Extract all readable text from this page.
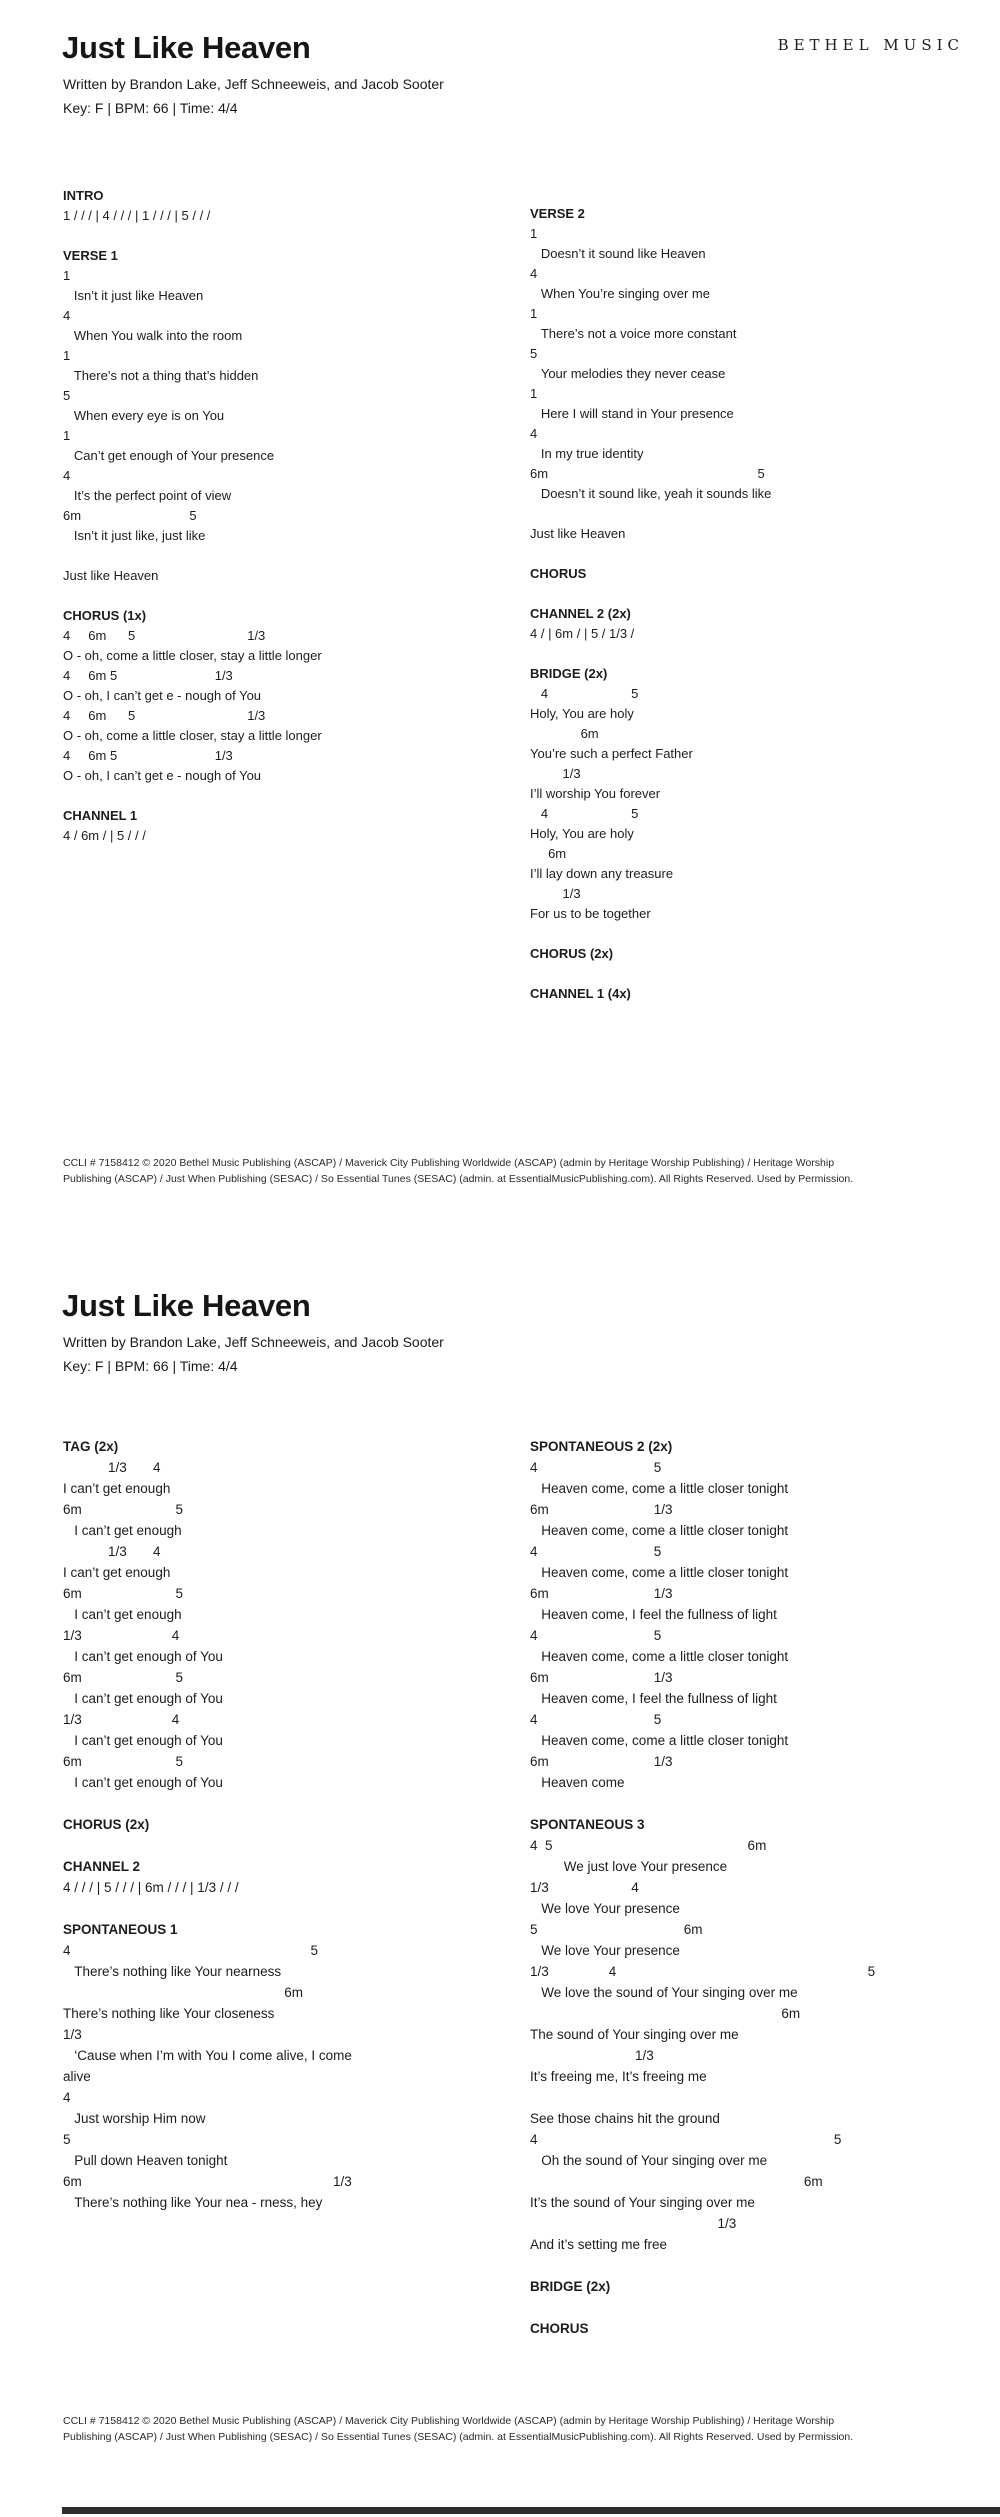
BETHEL MUSIC
Just Like Heaven
Written by Brandon Lake, Jeff Schneeweis, and Jacob Sooter
Key: F | BPM: 66 | Time: 4/4
INTRO
1 / / / | 4 / / / | 1 / / / | 5 / / /
VERSE 1
1
Isn’t it just like Heaven
4
When You walk into the room
1
There’s not a thing that’s hidden
5
When every eye is on You
1
Can’t get enough of Your presence
4
It’s the perfect point of view
6m                              5
Isn’t it just like, just like

Just like Heaven
CHORUS (1x)
4     6m      5                               1/3
O - oh, come a little closer, stay a little longer
4     6m 5                           1/3
O - oh, I can’t get e - nough of You
4     6m      5                               1/3
O - oh, come a little closer, stay a little longer
4     6m 5                           1/3
O - oh, I can’t get e - nough of You
CHANNEL 1
4 / 6m / | 5 / / /
VERSE 2
1
Doesn’t it sound like Heaven
4
When You’re singing over me
1
There’s not a voice more constant
5
Your melodies they never cease
1
Here I will stand in Your presence
4
In my true identity
6m                                                          5
Doesn’t it sound like, yeah it sounds like

Just like Heaven
CHORUS
CHANNEL 2 (2x)
4 / | 6m / | 5 / 1/3 /
BRIDGE (2x)
4                       5
Holy, You are holy
6m
You’re such a perfect Father
1/3
I’ll worship You forever
4                       5
Holy, You are holy
6m
I’ll lay down any treasure
1/3
For us to be together
CHORUS (2x)
CHANNEL 1 (4x)
CCLI # 7158412 © 2020 Bethel Music Publishing (ASCAP) / Maverick City Publishing Worldwide (ASCAP) (admin by Heritage Worship Publishing) / Heritage Worship Publishing (ASCAP) / Just When Publishing (SESAC) / So Essential Tunes (SESAC) (admin. at EssentialMusicPublishing.com). All Rights Reserved. Used by Permission.
Just Like Heaven
Written by Brandon Lake, Jeff Schneeweis, and Jacob Sooter
Key: F | BPM: 66 | Time: 4/4
TAG (2x)
1/3       4
I can’t get enough
6m                         5
I can’t get enough
1/3       4
I can’t get enough
6m                         5
I can’t get enough
1/3                        4
I can’t get enough of You
6m                         5
I can’t get enough of You
1/3                        4
I can’t get enough of You
6m                         5
I can’t get enough of You
CHORUS (2x)
CHANNEL 2
4 / / / | 5 / / / | 6m / / / | 1/3 / / /
SPONTANEOUS 1
4                                                                5
There’s nothing like Your nearness
6m
There’s nothing like Your closeness
1/3
‘Cause when I’m with You I come alive, I come alive
4
Just worship Him now
5
Pull down Heaven tonight
6m                                                                   1/3
There’s nothing like Your nea - rness, hey
SPONTANEOUS 2 (2x)
4                               5
Heaven come, come a little closer tonight
6m                            1/3
Heaven come, come a little closer tonight
4                               5
Heaven come, come a little closer tonight
6m                            1/3
Heaven come, I feel the fullness of light
4                               5
Heaven come, come a little closer tonight
6m                            1/3
Heaven come, I feel the fullness of light
4                               5
Heaven come, come a little closer tonight
6m                            1/3
Heaven come
SPONTANEOUS 3
4  5                                                    6m
We just love Your presence
1/3                      4
We love Your presence
5                                       6m
We love Your presence
1/3                4                                                                   5
We love the sound of Your singing over me
6m
The sound of Your singing over me
1/3
It’s freeing me, It’s freeing me

See those chains hit the ground
4                                                                               5
Oh the sound of Your singing over me
6m
It’s the sound of Your singing over me
1/3
And it’s setting me free
BRIDGE (2x)
CHORUS
CCLI # 7158412 © 2020 Bethel Music Publishing (ASCAP) / Maverick City Publishing Worldwide (ASCAP) (admin by Heritage Worship Publishing) / Heritage Worship Publishing (ASCAP) / Just When Publishing (SESAC) / So Essential Tunes (SESAC) (admin. at EssentialMusicPublishing.com). All Rights Reserved. Used by Permission.
